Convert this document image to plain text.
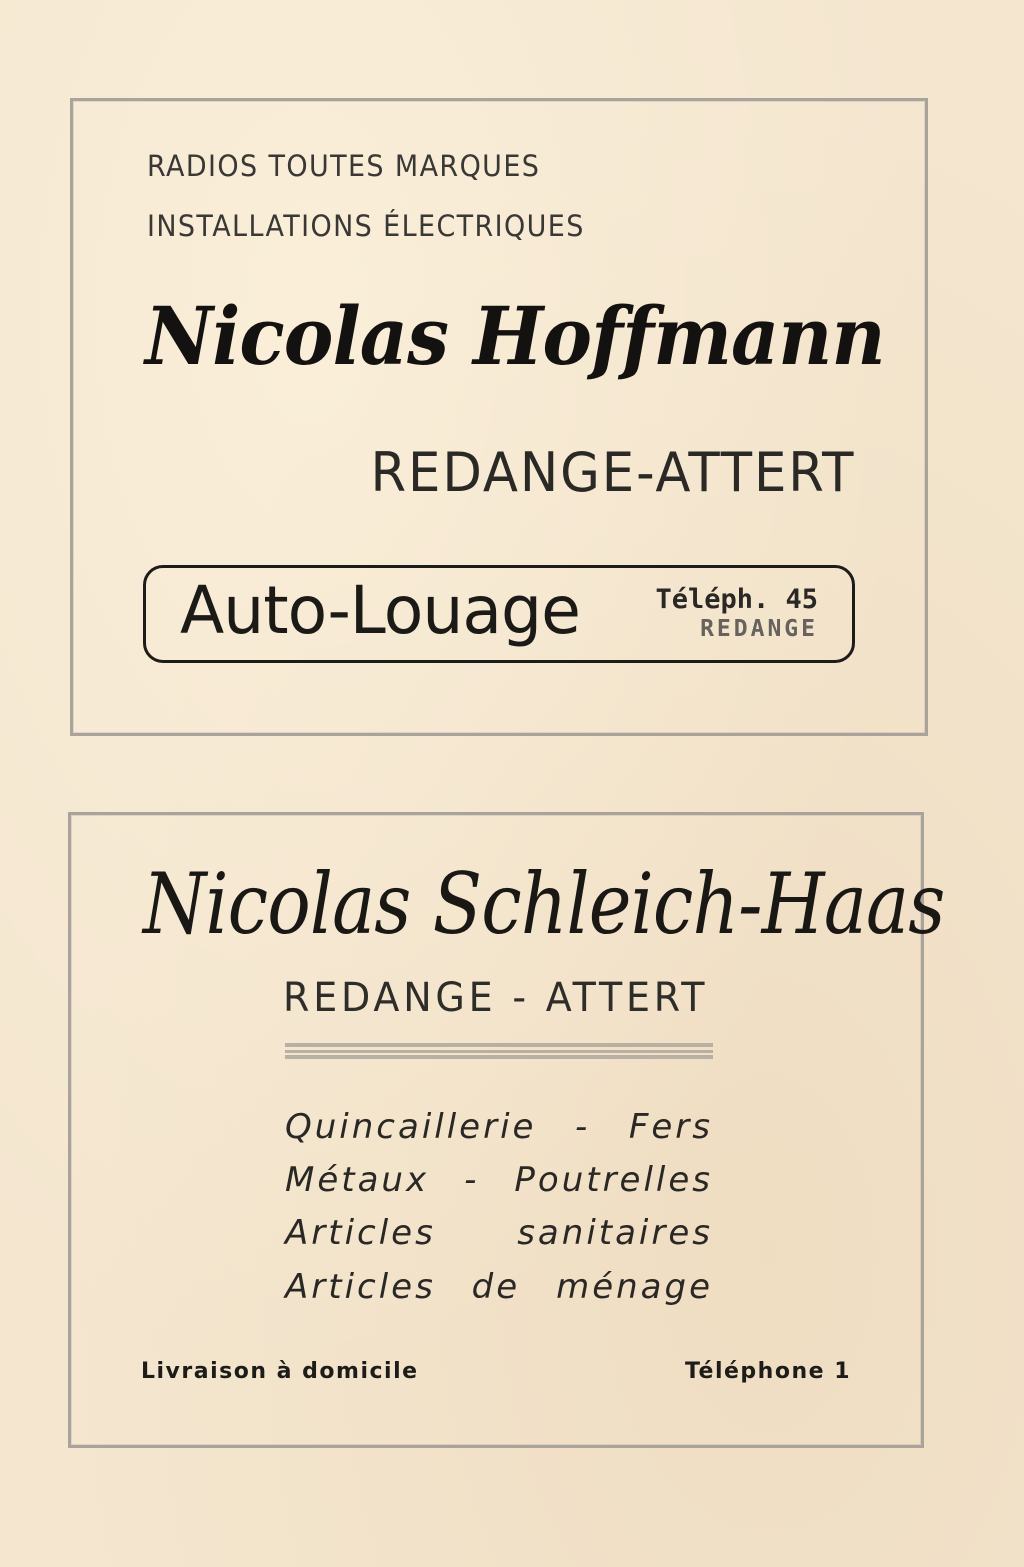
RADIOS TOUTES MARQUES
INSTALLATIONS ÉLECTRIQUES
Nicolas Hoffmann
REDANGE-ATTERT
Auto-Louage	Téléph. 45
REDANGE
Nicolas Schleich-Haas
REDANGE - ATTERT
Quincaillerie - Fers
Métaux - Poutrelles
Articles sanitaires
Articles de ménage
Livraison à domicile	Téléphone 1
